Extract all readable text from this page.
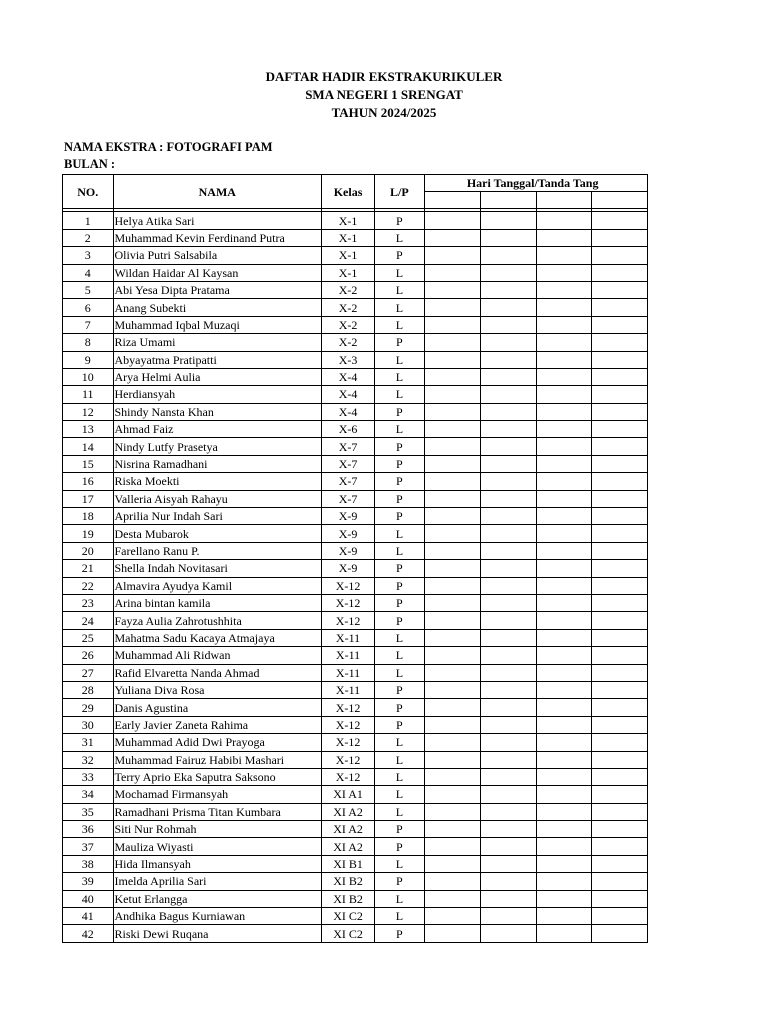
DAFTAR HADIR EKSTRAKURIKULER
SMA NEGERI 1 SRENGAT
TAHUN 2024/2025
NAMA EKSTRA : FOTOGRAFI PAM
BULAN :
NO.	NAMA	Kelas	L/P	Hari Tanggal/Tanda Tang			

1	Helya Atika Sari	X-1	P				
2	Muhammad Kevin Ferdinand Putra	X-1	L				
3	Olivia Putri Salsabila	X-1	P				
4	Wildan Haidar Al Kaysan	X-1	L				
5	Abi Yesa Dipta Pratama	X-2	L				
6	Anang Subekti	X-2	L				
7	Muhammad Iqbal Muzaqi	X-2	L				
8	Riza Umami	X-2	P				
9	Abyayatma Pratipatti	X-3	L				
10	Arya Helmi Aulia	X-4	L				
11	Herdiansyah	X-4	L				
12	Shindy Nansta Khan	X-4	P				
13	Ahmad Faiz	X-6	L				
14	Nindy Lutfy Prasetya	X-7	P				
15	Nisrina Ramadhani	X-7	P				
16	Riska Moekti	X-7	P				
17	Valleria Aisyah Rahayu	X-7	P				
18	Aprilia Nur Indah Sari	X-9	P				
19	Desta Mubarok	X-9	L				
20	Farellano Ranu P.	X-9	L				
21	Shella Indah Novitasari	X-9	P				
22	Almavira Ayudya Kamil	X-12	P				
23	Arina bintan kamila	X-12	P				
24	Fayza Aulia Zahrotushhita	X-12	P				
25	Mahatma Sadu Kacaya Atmajaya	X-11	L				
26	Muhammad Ali Ridwan	X-11	L				
27	Rafid Elvaretta Nanda Ahmad	X-11	L				
28	Yuliana Diva Rosa	X-11	P				
29	Danis Agustina	X-12	P				
30	Early Javier Zaneta Rahima	X-12	P				
31	Muhammad Adid Dwi Prayoga	X-12	L				
32	Muhammad Fairuz Habibi Mashari	X-12	L				
33	Terry Aprio Eka Saputra Saksono	X-12	L				
34	Mochamad Firmansyah	XI A1	L				
35	Ramadhani Prisma Titan Kumbara	XI A2	L				
36	Siti Nur Rohmah	XI A2	P				
37	Mauliza Wiyasti	XI A2	P				
38	Hida Ilmansyah	XI B1	L				
39	Imelda Aprilia Sari	XI B2	P				
40	Ketut Erlangga	XI B2	L				
41	Andhika Bagus Kurniawan	XI C2	L				
42	Riski Dewi Ruqana	XI C2	P				
